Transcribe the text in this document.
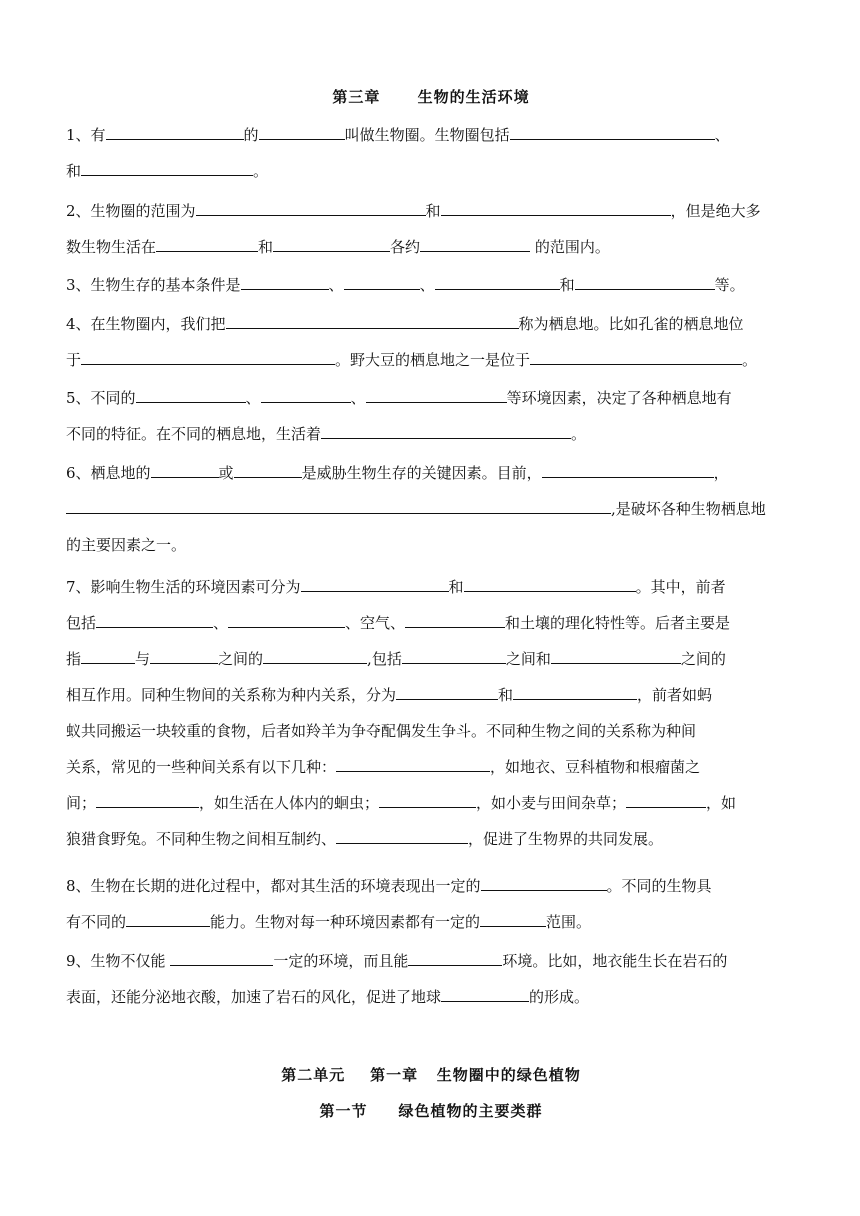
第三章      生物的生活环境
1、有	的	叫做生物圈。生物圈包括	、
和	。
2、生物圈的范围为	和	，但是绝大多
数生物生活在	和	各约	的范围内。
3、生物生存的基本条件是	、	、	和	等。
4、在生物圈内，我们把	称为栖息地。比如孔雀的栖息地位
于	。野大豆的栖息地之一是位于	。
5、不同的	、	、	等环境因素，决定了各种栖息地有
不同的特征。在不同的栖息地，生活着	。
6、栖息地的	或	是威胁生物生存的关键因素。目前，	，
,是破坏各种生物栖息地
的主要因素之一。
7、影响生物生活的环境因素可分为	和	。其中，前者
包括	、	、空气、	和土壤的理化特性等。后者主要是
指	与	之间的	,包括	之间和	之间的
相互作用。同种生物间的关系称为种内关系，分为	和	，前者如蚂
蚁共同搬运一块较重的食物，后者如羚羊为争夺配偶发生争斗。不同种生物之间的关系称为种间
关系，常见的一些种间关系有以下几种：	，如地衣、豆科植物和根瘤菌之
间；	，如生活在人体内的蛔虫；	，如小麦与田间杂草；	，如
狼猎食野兔。不同种生物之间相互制约、	，促进了生物界的共同发展。
8、生物在长期的进化过程中，都对其生活的环境表现出一定的	。不同的生物具
有不同的	能力。生物对每一种环境因素都有一定的	范围。
9、生物不仅能	一定的环境，而且能	环境。比如，地衣能生长在岩石的
表面，还能分泌地衣酸，加速了岩石的风化，促进了地球	的形成。
第二单元    第一章   生物圈中的绿色植物
第一节     绿色植物的主要类群
